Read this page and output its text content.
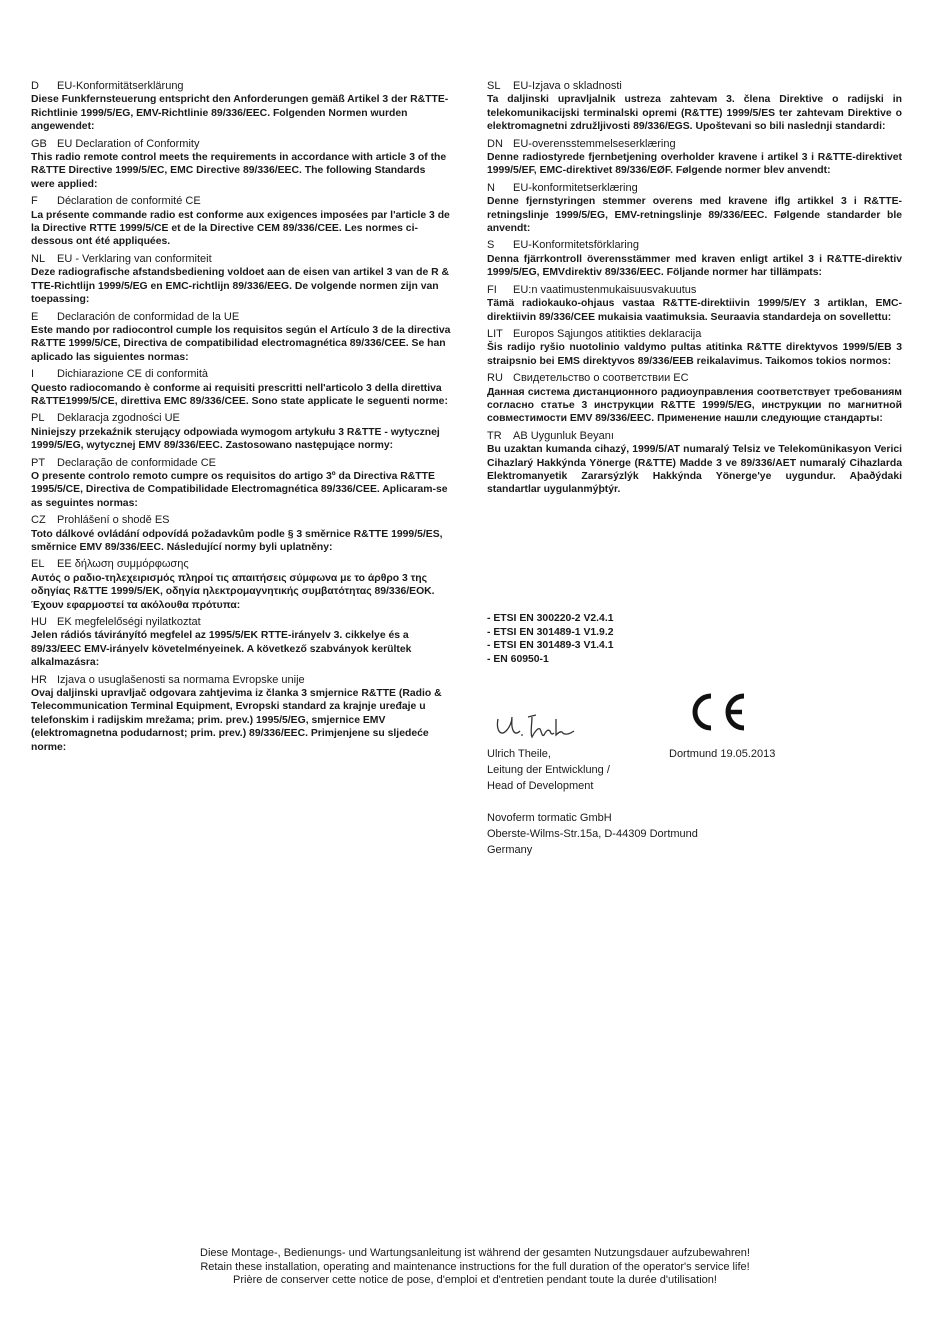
D EU-Konformitätserklärung
Diese Funkfernsteuerung entspricht den Anforderungen gemäß Artikel 3 der R&TTE-Richtlinie 1999/5/EG, EMV-Richtlinie 89/336/EEC. Folgenden Normen wurden angewendet:
GB EU Declaration of Conformity
This radio remote control meets the requirements in accordance with article 3 of the R&TTE Directive 1999/5/EC, EMC Directive 89/336/EEC. The following Standards were applied:
F Déclaration de conformité CE
La présente commande radio est conforme aux exigences imposées par l'article 3 de la Directive RTTE 1999/5/CE et de la Directive CEM 89/336/CEE. Les normes ci-dessous ont été appliquées.
NL EU - Verklaring van conformiteit
Deze radiografische afstandsbediening voldoet aan de eisen van artikel 3 van de R & TTE-Richtlijn 1999/5/EG en EMC-richtlijn 89/336/EEG. De volgende normen zijn van toepassing:
E Declaración de conformidad de la UE
Este mando por radiocontrol cumple los requisitos según el Artículo 3 de la directiva R&TTE 1999/5/CE, Directiva de compatibilidad electromagnética 89/336/CEE. Se han aplicado las siguientes normas:
I Dichiarazione CE di conformità
Questo radiocomando è conforme ai requisiti prescritti nell'articolo 3 della direttiva R&TTE1999/5/CE, direttiva EMC 89/336/CEE. Sono state applicate le seguenti norme:
PL Deklaracja zgodności UE
Niniejszy przekaźnik sterujący odpowiada wymogom artykułu 3 R&TTE - wytycznej 1999/5/EG, wytycznej EMV 89/336/EEC. Zastosowano następujące normy:
PT Declaração de conformidade CE
O presente controlo remoto cumpre os requisitos do artigo 3º da Directiva R&TTE 1995/5/CE, Directiva de Compatibilidade Electromagnética 89/336/CEE. Aplicaram-se as seguintes normas:
CZ Prohlášení o shodě ES
Toto dálkové ovládání odpovídá požadavkům podle § 3 směrnice R&TTE 1999/5/ES, směrnice EMV 89/336/EEC. Následující normy byli uplatněny:
EL ΕΕ δήλωση συμμόρφωσης
Αυτός ο ραδιο-τηλεχειρισμός πληροί τις απαιτήσεις σύμφωνα με το άρθρο 3 της οδηγίας R&TTE 1999/5/ΕΚ, οδηγία ηλεκτρομαγνητικής συμβατότητας 89/336/ΕΟΚ. Έχουν εφαρμοστεί τα ακόλουθα πρότυπα:
HU EK megfelelőségi nyilatkoztat
Jelen rádiós távirányító megfelel az 1995/5/EK RTTE-irányelv 3. cikkelye és a 89/33/EEC EMV-irányelv követelményeinek. A következő szabványok kerültek alkalmazásra:
HR Izjava o usuglašenosti sa normama Evropske unije
Ovaj daljinski upravljač odgovara zahtjevima iz članka 3 smjernice R&TTE (Radio & Telecommunication Terminal Equipment, Evropski standard za krajnje uređaje u telefonskim i radijskim mrežama; prim. prev.) 1995/5/EG, smjernice EMV (elektromagnetna podudarnost; prim. prev.) 89/336/EEC. Primjenjene su sljedeće norme:
SL EU-Izjava o skladnosti
Ta daljinski upravljalnik ustreza zahtevam 3. člena Direktive o radijski in telekomunikacijski terminalski opremi (R&TTE) 1999/5/ES ter zahtevam Direktive o elektromagnetni združljivosti 89/336/EGS. Upoštevani so bili naslednji standardi:
DN EU-overensstemmelseserklæring
Denne radiostyrede fjernbetjening overholder kravene i artikel 3 i R&TTE-direktivet 1999/5/EF, EMC-direktivet 89/336/EØF. Følgende normer blev anvendt:
N EU-konformitetserklæring
Denne fjernstyringen stemmer overens med kravene iflg artikkel 3 i R&TTE-retningslinje 1999/5/EG, EMV-retningslinje 89/336/EEC. Følgende standarder ble anvendt:
S EU-Konformitetsförklaring
Denna fjärrkontroll överensstämmer med kraven enligt artikel 3 i R&TTE-direktiv 1999/5/EG, EMVdirektiv 89/336/EEC. Följande normer har tillämpats:
FI EU:n vaatimustenmukaisuusvakuutus
Tämä radiokauko-ohjaus vastaa R&TTE-direktiivin 1999/5/EY 3 artiklan, EMC-direktiivin 89/336/CEE mukaisia vaatimuksia. Seuraavia standardeja on sovellettu:
LIT Europos Sąjungos atitikties deklaracija
Šis radijo ryšio nuotolinio valdymo pultas atitinka R&TTE direktyvos 1999/5/EB 3 straipsnio bei EMS direktyvos 89/336/EEB reikalavimus. Taikomos tokios normos:
RU Свидетельство о соответствии ЕС
Данная система дистанционного радиоуправления соответствует требованиям согласно статье 3 инструкции R&TTE 1999/5/EG, инструкции по магнитной совместимости EMV 89/336/EEC. Применение нашли следующие стандарты:
TR AB Uygunluk Beyanı
Bu uzaktan kumanda cihazý, 1999/5/AT numaralý Telsiz ve Telekomünikasyon Verici Cihazlarý Hakkýnda Yönerge (R&TTE) Madde 3 ve 89/336/AET numaralý Cihazlarda Elektromanyetik Zararsýzlýk Hakkýnda Yönerge'ye uygundur. Aþaðýdaki standartlar uygulanmýþtýr.
- ETSI EN 300220-2 V2.4.1
- ETSI EN 301489-1 V1.9.2
- ETSI EN 301489-3 V1.4.1
- EN 60950-1
Ulrich Theile,
Leitung der Entwicklung /
Head of Development
Dortmund 19.05.2013
Novoferm tormatic GmbH
Oberste-Wilms-Str.15a, D-44309 Dortmund
Germany
Diese Montage-, Bedienungs- und Wartungsanleitung ist während der gesamten Nutzungsdauer aufzubewahren!
Retain these installation, operating and maintenance instructions for the full duration of the operator's service life!
Prière de conserver cette notice de pose, d'emploi et d'entretien pendant toute la durée d'utilisation!
